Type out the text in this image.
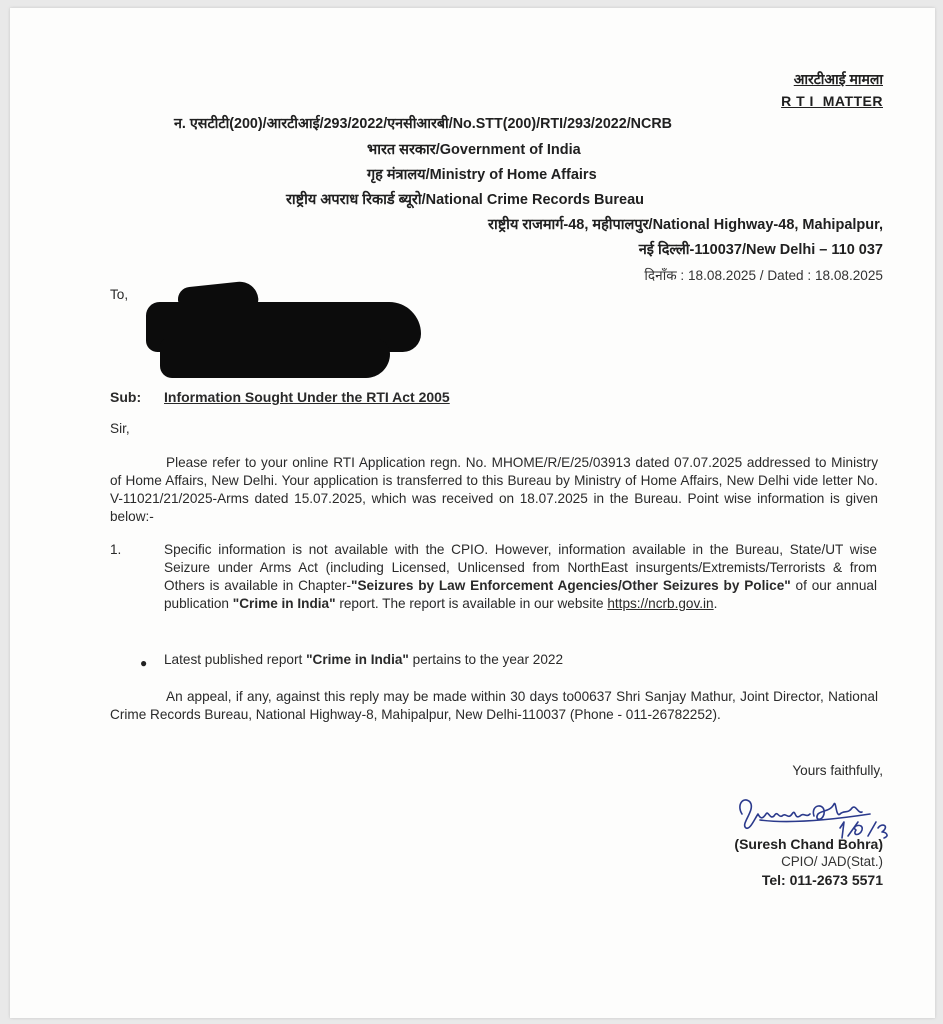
आरटीआई मामला
R T I  MATTER
न. एसटीटी(200)/आरटीआई/293/2022/एनसीआरबी/No.STT(200)/RTI/293/2022/NCRB
भारत सरकार/Government of India
गृह मंत्रालय/Ministry of Home Affairs
राष्ट्रीय अपराध रिकार्ड ब्यूरो/National Crime Records Bureau
राष्ट्रीय राजमार्ग-48, महीपालपुर/National Highway-48, Mahipalpur,
नई दिल्ली-110037/New Delhi – 110 037
दिनाँक : 18.08.2025 / Dated : 18.08.2025
To,
Sub: Information Sought Under the RTI Act 2005
Sir,
Please refer to your online RTI Application regn. No. MHOME/R/E/25/03913 dated 07.07.2025 addressed to Ministry of Home Affairs, New Delhi. Your application is transferred to this Bureau by Ministry of Home Affairs, New Delhi vide letter No. V-11021/21/2025-Arms dated 15.07.2025, which was received on 18.07.2025 in the Bureau. Point wise information is given below:-
1.	Specific information is not available with the CPIO. However, information available in the Bureau, State/UT wise Seizure under Arms Act (including Licensed, Unlicensed from NorthEast insurgents/Extremists/Terrorists & from Others is available in Chapter-"Seizures by Law Enforcement Agencies/Other Seizures by Police" of our annual publication "Crime in India" report. The report is available in our website https://ncrb.gov.in.
● Latest published report "Crime in India" pertains to the year 2022
An appeal, if any, against this reply may be made within 30 days to00637 Shri Sanjay Mathur, Joint Director, National Crime Records Bureau, National Highway-8, Mahipalpur, New Delhi-110037 (Phone - 011-26782252).
Yours faithfully,
(Suresh Chand Bohra)
CPIO/ JAD(Stat.)
Tel: 011-2673 5571
